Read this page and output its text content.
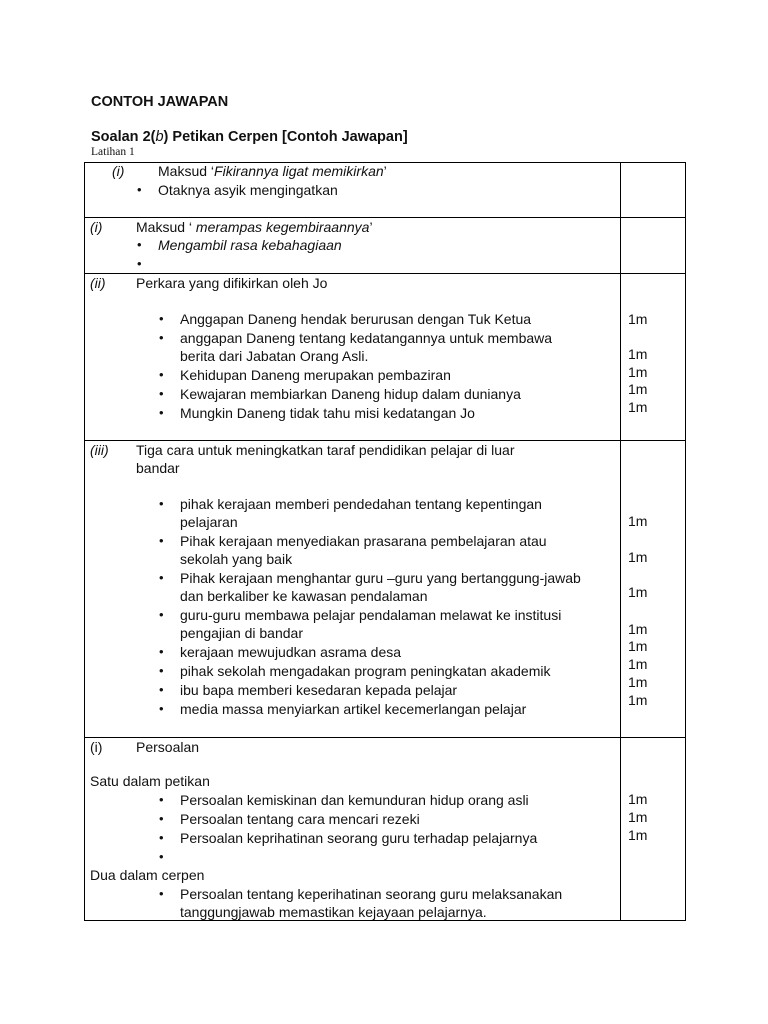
CONTOH JAWAPAN
Soalan 2(b) Petikan Cerpen [Contoh Jawapan]
Latihan 1
(i) Maksud ‘Fikirannya ligat memikirkan’
• Otaknya asyik mengingatkan
(i) Maksud ‘ merampas kegembiraannya’
• Mengambil rasa kebahagiaan
•
(ii) Perkara yang difikirkan oleh Jo
• Anggapan Daneng hendak berurusan dengan Tuk Ketua
• anggapan Daneng tentang kedatangannya untuk membawa
berita dari Jabatan Orang Asli.
• Kehidupan Daneng merupakan pembaziran
• Kewajaran membiarkan Daneng hidup dalam dunianya
• Mungkin Daneng tidak tahu misi kedatangan Jo
1m
1m
1m
1m
1m
(iii) Tiga cara untuk meningkatkan taraf pendidikan pelajar di luar
bandar
• pihak kerajaan memberi pendedahan tentang kepentingan
pelajaran
• Pihak kerajaan menyediakan prasarana pembelajaran atau
sekolah yang baik
• Pihak kerajaan menghantar guru –guru yang bertanggung-jawab
dan berkaliber ke kawasan pendalaman
• guru-guru membawa pelajar pendalaman melawat ke institusi
pengajian di bandar
• kerajaan mewujudkan asrama desa
• pihak sekolah mengadakan program peningkatan akademik
• ibu bapa memberi kesedaran kepada pelajar
• media massa menyiarkan artikel kecemerlangan pelajar
1m
1m
1m
1m
1m
1m
1m
1m
(i) Persoalan
Satu dalam petikan
• Persoalan kemiskinan dan kemunduran hidup orang asli
• Persoalan tentang cara mencari rezeki
• Persoalan keprihatinan seorang guru terhadap pelajarnya
•
Dua dalam cerpen
• Persoalan tentang keperihatinan seorang guru melaksanakan
tanggungjawab memastikan kejayaan pelajarnya.
1m
1m
1m
